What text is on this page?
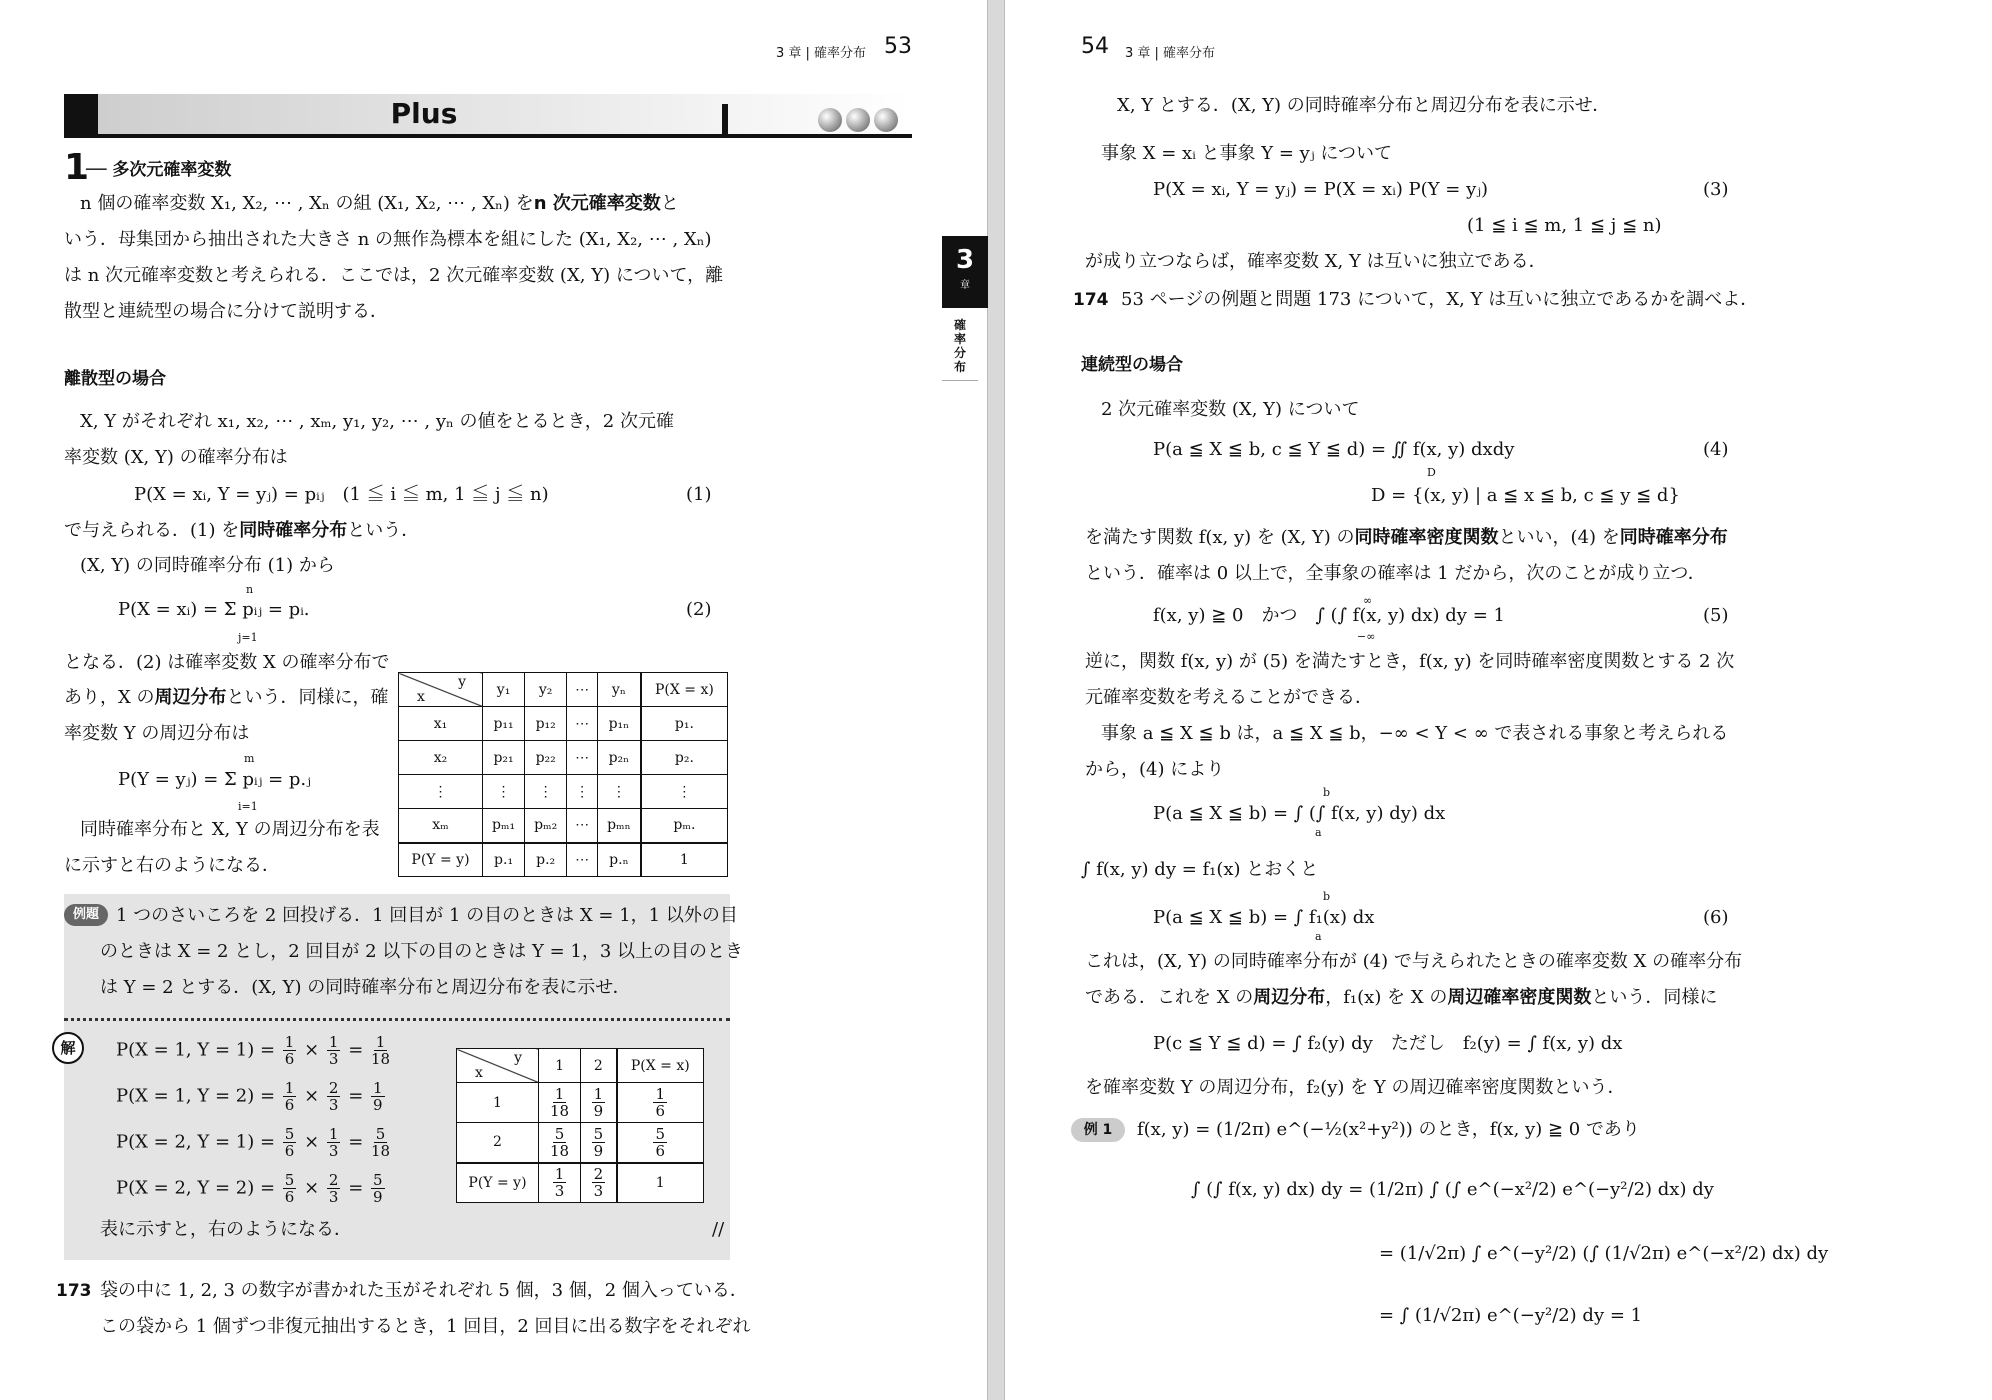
3 章 | 確率分布 53
Plus
1
── 多次元確率変数
n 個の確率変数 X₁, X₂, ⋯ , Xₙ の組 (X₁, X₂, ⋯ , Xₙ) をn 次元確率変数と
いう．母集団から抽出された大きさ n の無作為標本を組にした (X₁, X₂, ⋯ , Xₙ)
は n 次元確率変数と考えられる．ここでは，2 次元確率変数 (X, Y) について，離
散型と連続型の場合に分けて説明する．
離散型の場合
X, Y がそれぞれ x₁, x₂, ⋯ , xₘ, y₁, y₂, ⋯ , yₙ の値をとるとき，2 次元確
率変数 (X, Y) の確率分布は
P(X = xᵢ, Y = yⱼ) = pᵢⱼ　(1 ≦ i ≦ m, 1 ≦ j ≦ n)	(1)
で与えられる．(1) を同時確率分布という．
(X, Y) の同時確率分布 (1) から
P(X = xᵢ) = Σ pᵢⱼ = pᵢ.
n
j=1
(2)
となる．(2) は確率変数 X の確率分布で
あり，X の周辺分布という．同様に，確
率変数 Y の周辺分布は
P(Y = yⱼ) = Σ pᵢⱼ = p.ⱼ
m
i=1
同時確率分布と X, Y の周辺分布を表
に示すと右のようになる．
y
x	y₁	y₂	⋯	yₙ	P(X = x)
x₁	p₁₁	p₁₂	⋯	p₁ₙ	p₁.
x₂	p₂₁	p₂₂	⋯	p₂ₙ	p₂.
⋮	⋮	⋮	⋮	⋮	⋮
xₘ	pₘ₁	pₘ₂	⋯	pₘₙ	pₘ.
P(Y = y)	p.₁	p.₂	⋯	p.ₙ	1
例題 1 つのさいころを 2 回投げる．1 回目が 1 の目のときは X = 1，1 以外の目
のときは X = 2 とし，2 回目が 2 以下の目のときは Y = 1，3 以上の目のとき
は Y = 2 とする．(X, Y) の同時確率分布と周辺分布を表に示せ．
解	P(X = 1, $Y = 1) = \frac{1}{6} \times \frac{1}{3} = \frac{1}{18}$
P(X = 1, $Y = 2) = \frac{1}{6} \times \frac{2}{3} = \frac{1}{9}$
P(X = 2, $Y = 1) = \frac{5}{6} \times \frac{1}{3} = \frac{5}{18}$
P(X = 2, $Y = 2) = \frac{5}{6} \times \frac{2}{3} = \frac{5}{9}$
表に示すと，右のようになる．	//
y
x	1	2	P(X = x)
1	$\frac{1}{18}$	$\frac{1}{9}$	$\frac{1}{6}$

2	$\frac{5}{18}$	$\frac{5}{9}$	$\frac{5}{6}$

P(Y = y)	$\frac{1}{3}$	$\frac{2}{3}$	1
173 袋の中に 1, 2, 3 の数字が書かれた玉がそれぞれ 5 個，3 個，2 個入っている．
この袋から 1 個ずつ非復元抽出するとき，1 回目，2 回目に出る数字をそれぞれ
3
章
確率分布
54 3 章 | 確率分布
X, Y とする．(X, Y) の同時確率分布と周辺分布を表に示せ．
事象 X = xᵢ と事象 Y = yⱼ について
P(X = xᵢ, Y = yⱼ) = P(X = xᵢ) P(Y = yⱼ)	(3)
(1 ≦ i ≦ m, 1 ≦ j ≦ n)
が成り立つならば，確率変数 X, Y は互いに独立である．
174 53 ページの例題と問題 173 について，X, Y は互いに独立であるかを調べよ．
連続型の場合
2 次元確率変数 (X, Y) について
P(a ≦ X ≦ b, c ≦ Y ≦ d) = ∬ f(x, y) dxdy
D
(4)
D = {(x, y) | a ≦ x ≦ b, c ≦ y ≦ d}
を満たす関数 f(x, y) を (X, Y) の同時確率密度関数といい，(4) を同時確率分布
という．確率は 0 以上で，全事象の確率は 1 だから，次のことが成り立つ．
f(x, y) ≧ 0　かつ　∫ (∫ f(x, y) dx) dy = 1
∞
−∞
(5)
逆に，関数 f(x, y) が (5) を満たすとき，f(x, y) を同時確率密度関数とする 2 次
元確率変数を考えることができる．
事象 a ≦ X ≦ b は，a ≦ X ≦ b，−∞ < Y < ∞ で表される事象と考えられる
から，(4) により
P(a ≦ X ≦ b) = ∫ (∫ f(x, y) dy) dx
b
a
∫ f(x, y) dy = f₁(x) とおくと
P(a ≦ X ≦ b) = ∫ f₁(x) dx
b
a
(6)
これは，(X, Y) の同時確率分布が (4) で与えられたときの確率変数 X の確率分布
である．これを X の周辺分布，f₁(x) を X の周辺確率密度関数という．同様に
P(c ≦ Y ≦ d) = ∫ f₂(y) dy　ただし　f₂(y) = ∫ f(x, y) dx
を確率変数 Y の周辺分布，f₂(y) を Y の周辺確率密度関数という．
例 1	f(x, y) = (1/2π) e^(−½(x²+y²)) のとき，f(x, y) ≧ 0 であり
∫ (∫ f(x, y) dx) dy = (1/2π) ∫ (∫ e^(−x²/2) e^(−y²/2) dx) dy
= (1/√2π) ∫ e^(−y²/2) (∫ (1/√2π) e^(−x²/2) dx) dy
= ∫ (1/√2π) e^(−y²/2) dy = 1
